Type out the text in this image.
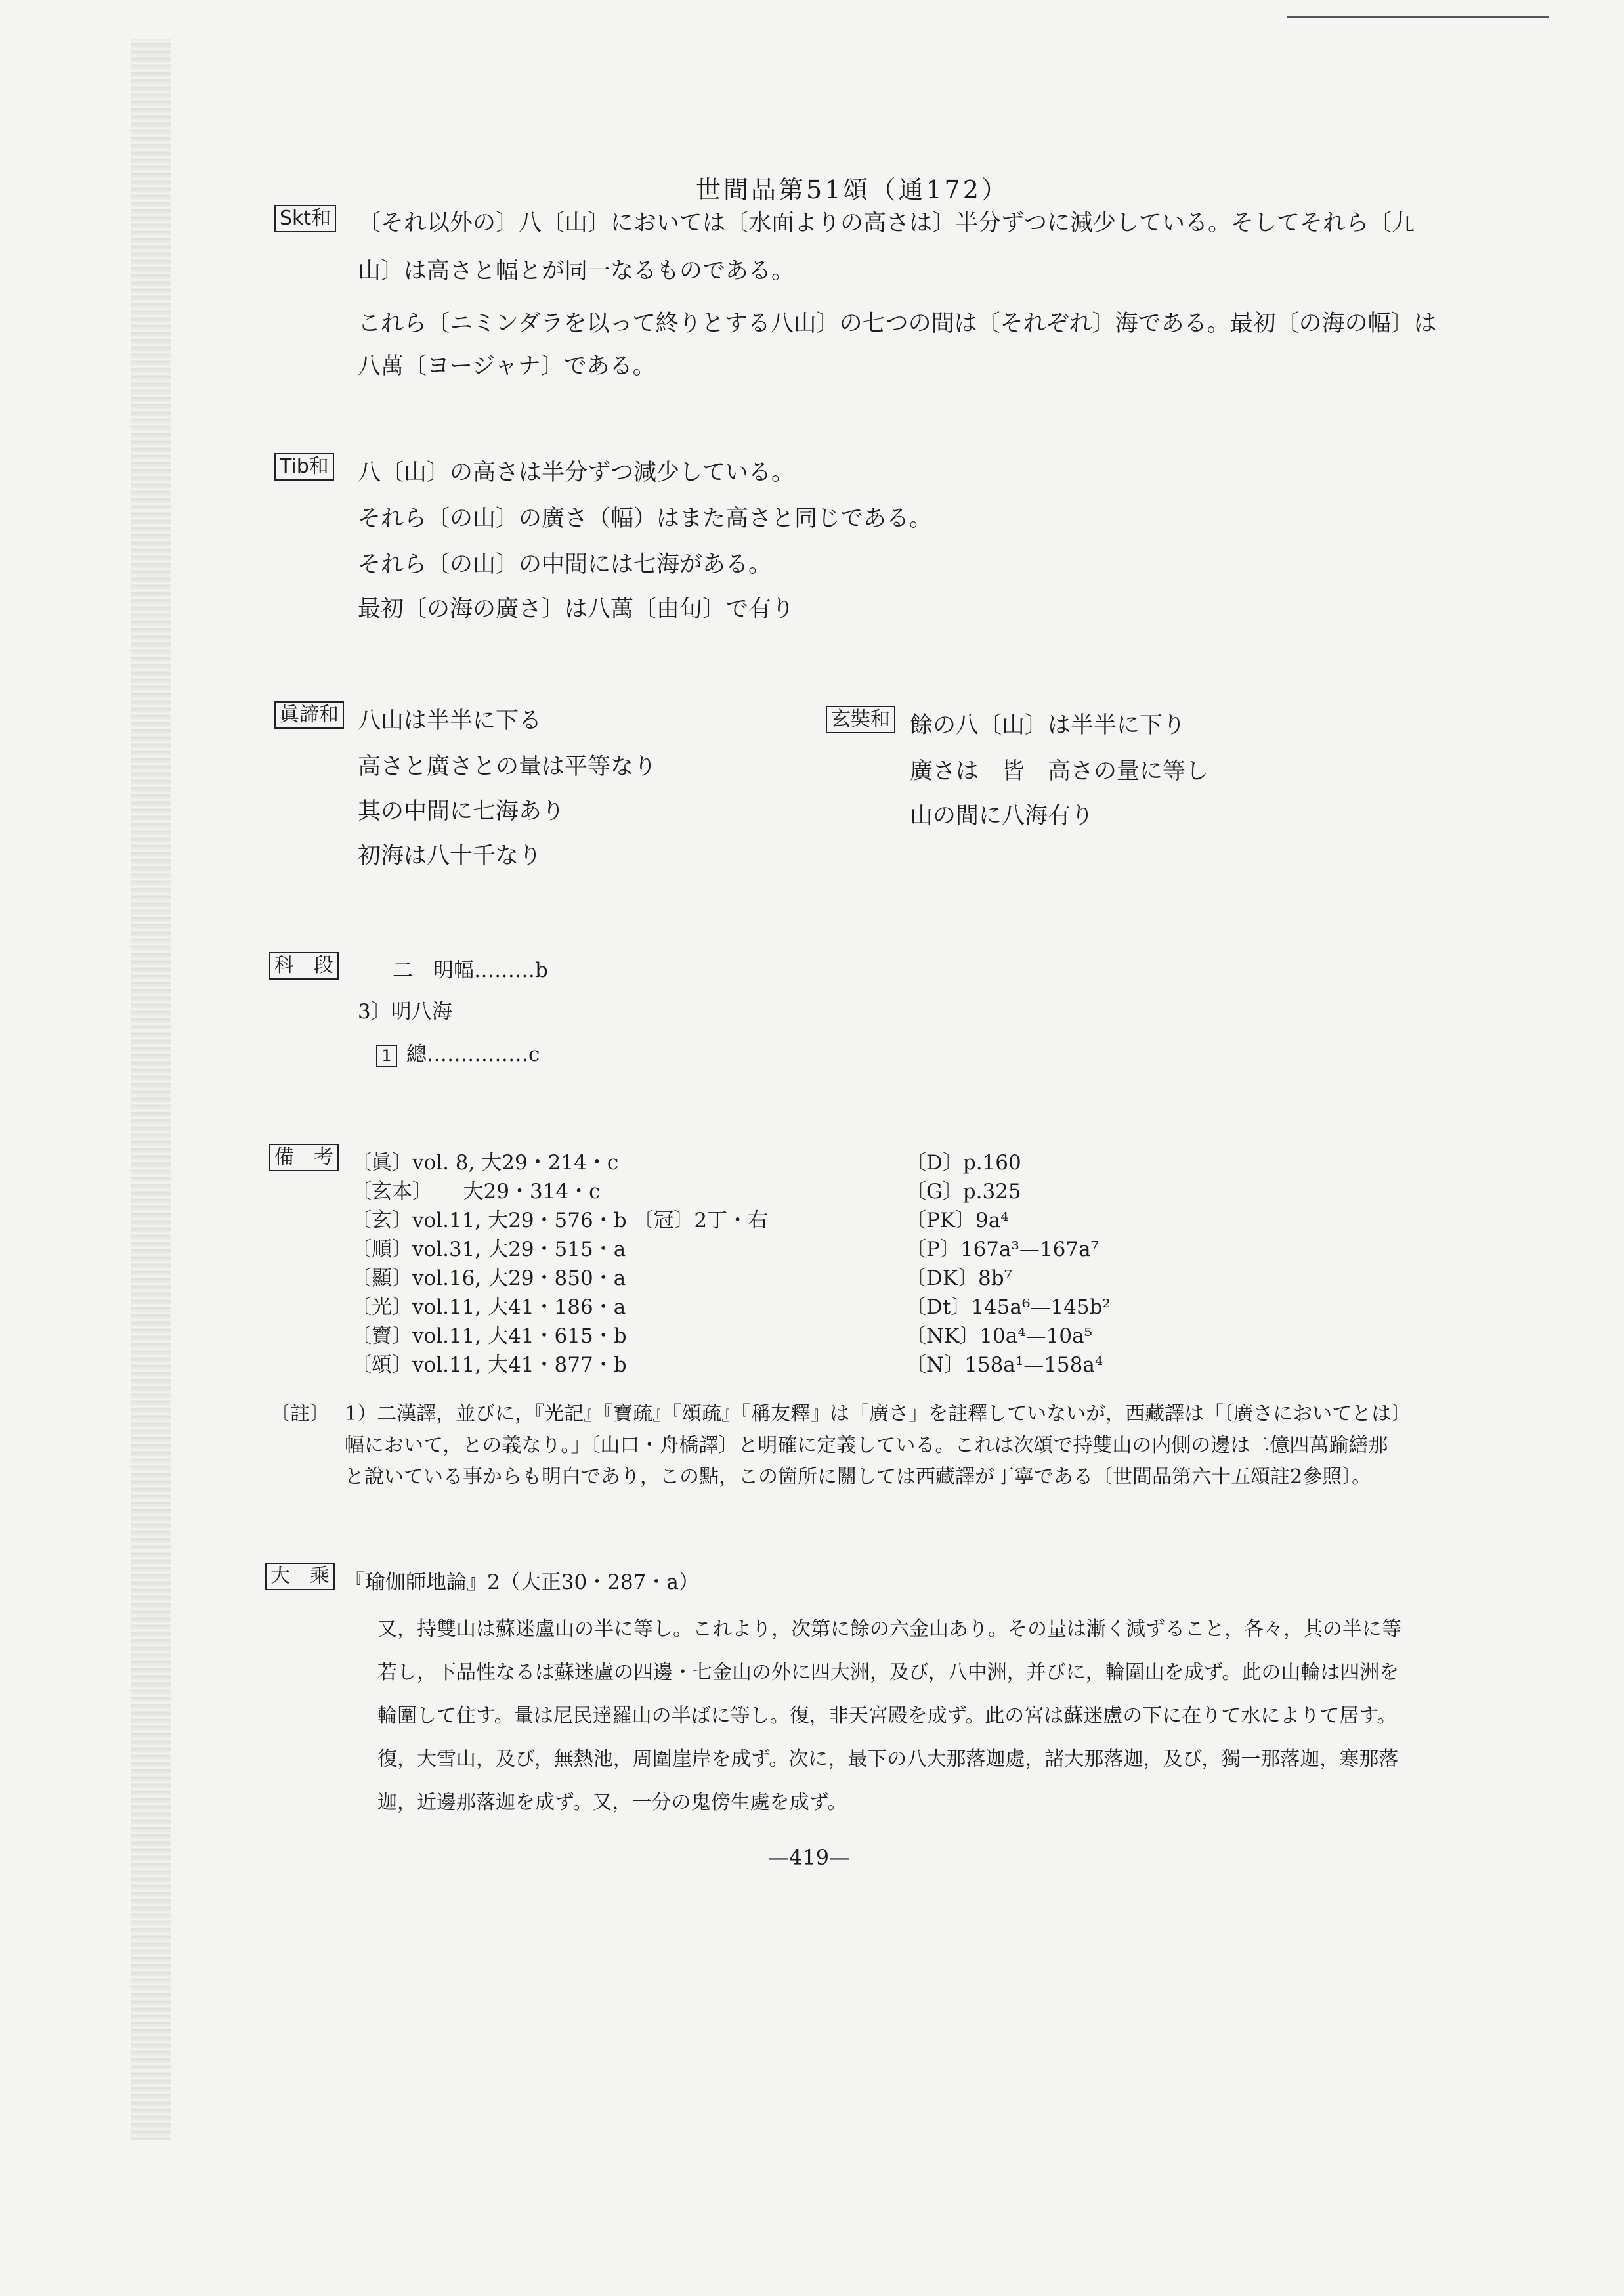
世間品第51頌（通172）
Skt和 〔それ以外の〕八〔山〕においては〔水面よりの高さは〕半分ずつに減少している。そしてそれら〔九
山〕は高さと幅とが同一なるものである。
これら〔ニミンダラを以って終りとする八山〕の七つの間は〔それぞれ〕海である。最初〔の海の幅〕は
八萬〔ヨージャナ〕である。
Tib和 八〔山〕の高さは半分ずつ減少している。
それら〔の山〕の廣さ（幅）はまた高さと同じである。
それら〔の山〕の中間には七海がある。
最初〔の海の廣さ〕は八萬〔由旬〕で有り
眞諦和 八山は半半に下る
高さと廣さとの量は平等なり
其の中間に七海あり
初海は八十千なり
玄奘和 餘の八〔山〕は半半に下り
廣さは　皆　高さの量に等し
山の間に八海有り
科　段	二　明幅………b
3〕明八海
1 總……………c
備　考 〔眞〕vol. 8, 大29・214・c
〔玄本〕　　大29・314・c
〔玄〕vol.11, 大29・576・b 〔冠〕2丁・右
〔順〕vol.31, 大29・515・a
〔顯〕vol.16, 大29・850・a
〔光〕vol.11, 大41・186・a
〔寶〕vol.11, 大41・615・b
〔頌〕vol.11, 大41・877・b
〔D〕p.160
〔G〕p.325
〔PK〕9a⁴
〔P〕167a³—167a⁷
〔DK〕8b⁷
〔Dt〕145a⁶—145b²
〔NK〕10a⁴—10a⁵
〔N〕158a¹—158a⁴
〔註〕 1）二漢譯，並びに，『光記』『寶疏』『頌疏』『稱友釋』は「廣さ」を註釋していないが，西藏譯は「〔廣さにおいてとは〕
幅において，との義なり。」〔山口・舟橋譯〕と明確に定義している。これは次頌で持雙山の内側の邊は二億四萬踰繕那
と說いている事からも明白であり，この點，この箇所に關しては西藏譯が丁寧である〔世間品第六十五頌註2參照〕。
大　乘 『瑜伽師地論』2（大正30・287・a）
又，持雙山は蘇迷盧山の半に等し。これより，次第に餘の六金山あり。その量は漸く減ずること，各々，其の半に等
若し，下品性なるは蘇迷盧の四邊・七金山の外に四大洲，及び，八中洲，并びに，輪圍山を成ず。此の山輪は四洲を
輪圍して住す。量は尼民達羅山の半ばに等し。復，非天宮殿を成ず。此の宮は蘇迷盧の下に在りて水によりて居す。
復，大雪山，及び，無熱池，周圍崖岸を成ず。次に，最下の八大那落迦處，諸大那落迦，及び，獨一那落迦，寒那落
迦，近邊那落迦を成ず。又，一分の鬼傍生處を成ず。
—419—
